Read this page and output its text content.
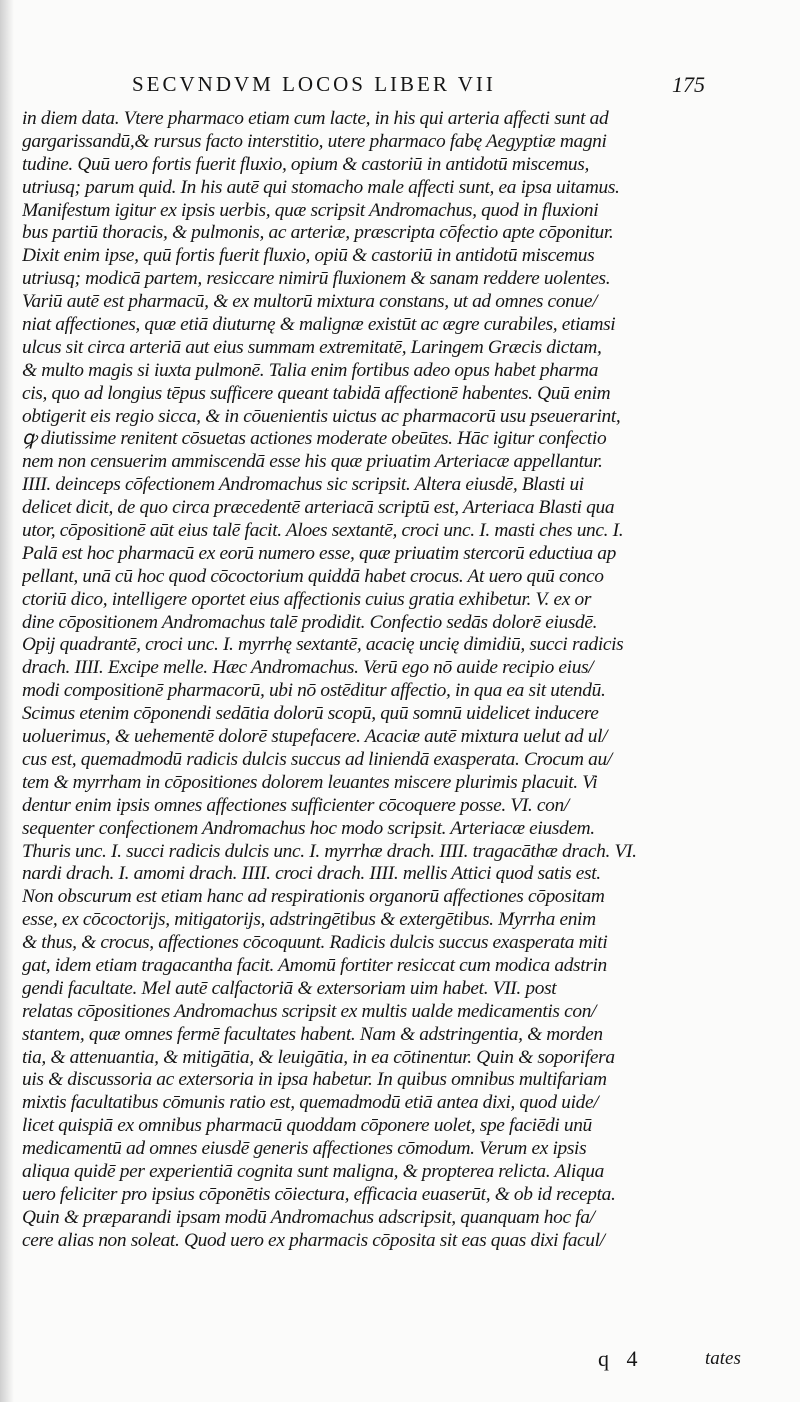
SECVNDVM LOCOS LIBER VII	175
in diem data. Vtere pharmaco etiam cum lacte, in his qui arteria affecti sunt ad
gargarissandū,& rursus facto interstitio, utere pharmaco fabę Aegyptiæ magni
tudine. Quū uero fortis fuerit fluxio, opium & castoriū in antidotū miscemus,
utriusq; parum quid. In his autē qui stomacho male affecti sunt, ea ipsa uitamus.
Manifestum igitur ex ipsis uerbis, quæ scripsit Andromachus, quod in fluxioni
bus partiū thoracis, & pulmonis, ac arteriæ, præscripta cōfectio apte cōponitur.
Dixit enim ipse, quū fortis fuerit fluxio, opiū & castoriū in antidotū miscemus
utriusq; modicā partem, resiccare nimirū fluxionem & sanam reddere uolentes.
Variū autē est pharmacū, & ex multorū mixtura constans, ut ad omnes conue/
niat affectiones, quæ etiā diuturnę & malignæ existūt ac ægre curabiles, etiamsi
ulcus sit circa arteriā aut eius summam extremitatē, Laringem Græcis dictam,
& multo magis si iuxta pulmonē. Talia enim fortibus adeo opus habet pharma
cis, quo ad longius tēpus sufficere queant tabidā affectionē habentes. Quū enim
obtigerit eis regio sicca, & in cōuenientis uictus ac pharmacorū usu pseuerarint,
ꝙ diutissime renitent cōsuetas actiones moderate obeūtes. Hāc igitur confectio
nem non censuerim ammiscendā esse his quæ priuatim Arteriacæ appellantur.
IIII. deinceps cōfectionem Andromachus sic scripsit. Altera eiusdē, Blasti ui
delicet dicit, de quo circa præcedentē arteriacā scriptū est, Arteriaca Blasti qua
utor, cōpositionē aūt eius talē facit. Aloes sextantē, croci unc. I. masti ches unc. I.
Palā est hoc pharmacū ex eorū numero esse, quæ priuatim stercorū eductiua ap
pellant, unā cū hoc quod cōcoctorium quiddā habet crocus. At uero quū conco
ctoriū dico, intelligere oportet eius affectionis cuius gratia exhibetur. V. ex or
dine cōpositionem Andromachus talē prodidit. Confectio sedās dolorē eiusdē.
Opij quadrantē, croci unc. I. myrrhę sextantē, acacię uncię dimidiū, succi radicis
drach. IIII. Excipe melle. Hæc Andromachus. Verū ego nō auide recipio eius/
modi compositionē pharmacorū, ubi nō ostēditur affectio, in qua ea sit utendū.
Scimus etenim cōponendi sedātia dolorū scopū, quū somnū uidelicet inducere
uoluerimus, & uehementē dolorē stupefacere. Acaciæ autē mixtura uelut ad ul/
cus est, quemadmodū radicis dulcis succus ad liniendā exasperata. Crocum au/
tem & myrrham in cōpositiones dolorem leuantes miscere plurimis placuit. Vi
dentur enim ipsis omnes affectiones sufficienter cōcoquere posse. VI. con/
sequenter confectionem Andromachus hoc modo scripsit. Arteriacæ eiusdem.
Thuris unc. I. succi radicis dulcis unc. I. myrrhæ drach. IIII. tragacāthæ drach. VI.
nardi drach. I. amomi drach. IIII. croci drach. IIII. mellis Attici quod satis est.
Non obscurum est etiam hanc ad respirationis organorū affectiones cōpositam
esse, ex cōcoctorijs, mitigatorijs, adstringētibus & extergētibus. Myrrha enim
& thus, & crocus, affectiones cōcoquunt. Radicis dulcis succus exasperata miti
gat, idem etiam tragacantha facit. Amomū fortiter resiccat cum modica adstrin
gendi facultate. Mel autē calfactoriā & extersoriam uim habet. VII. post
relatas cōpositiones Andromachus scripsit ex multis ualde medicamentis con/
stantem, quæ omnes fermē facultates habent. Nam & adstringentia, & morden
tia, & attenuantia, & mitigātia, & leuigātia, in ea cōtinentur. Quin & soporifera
uis & discussoria ac extersoria in ipsa habetur. In quibus omnibus multifariam
mixtis facultatibus cōmunis ratio est, quemadmodū etiā antea dixi, quod uide/
licet quispiā ex omnibus pharmacū quoddam cōponere uolet, spe faciēdi unū
medicamentū ad omnes eiusdē generis affectiones cōmodum. Verum ex ipsis
aliqua quidē per experientiā cognita sunt maligna, & propterea relicta. Aliqua
uero feliciter pro ipsius cōponētis cōiectura, efficacia euaserūt, & ob id recepta.
Quin & præparandi ipsam modū Andromachus adscripsit, quanquam hoc fa/
cere alias non soleat. Quod uero ex pharmacis cōposita sit eas quas dixi facul/
q 4	tates
